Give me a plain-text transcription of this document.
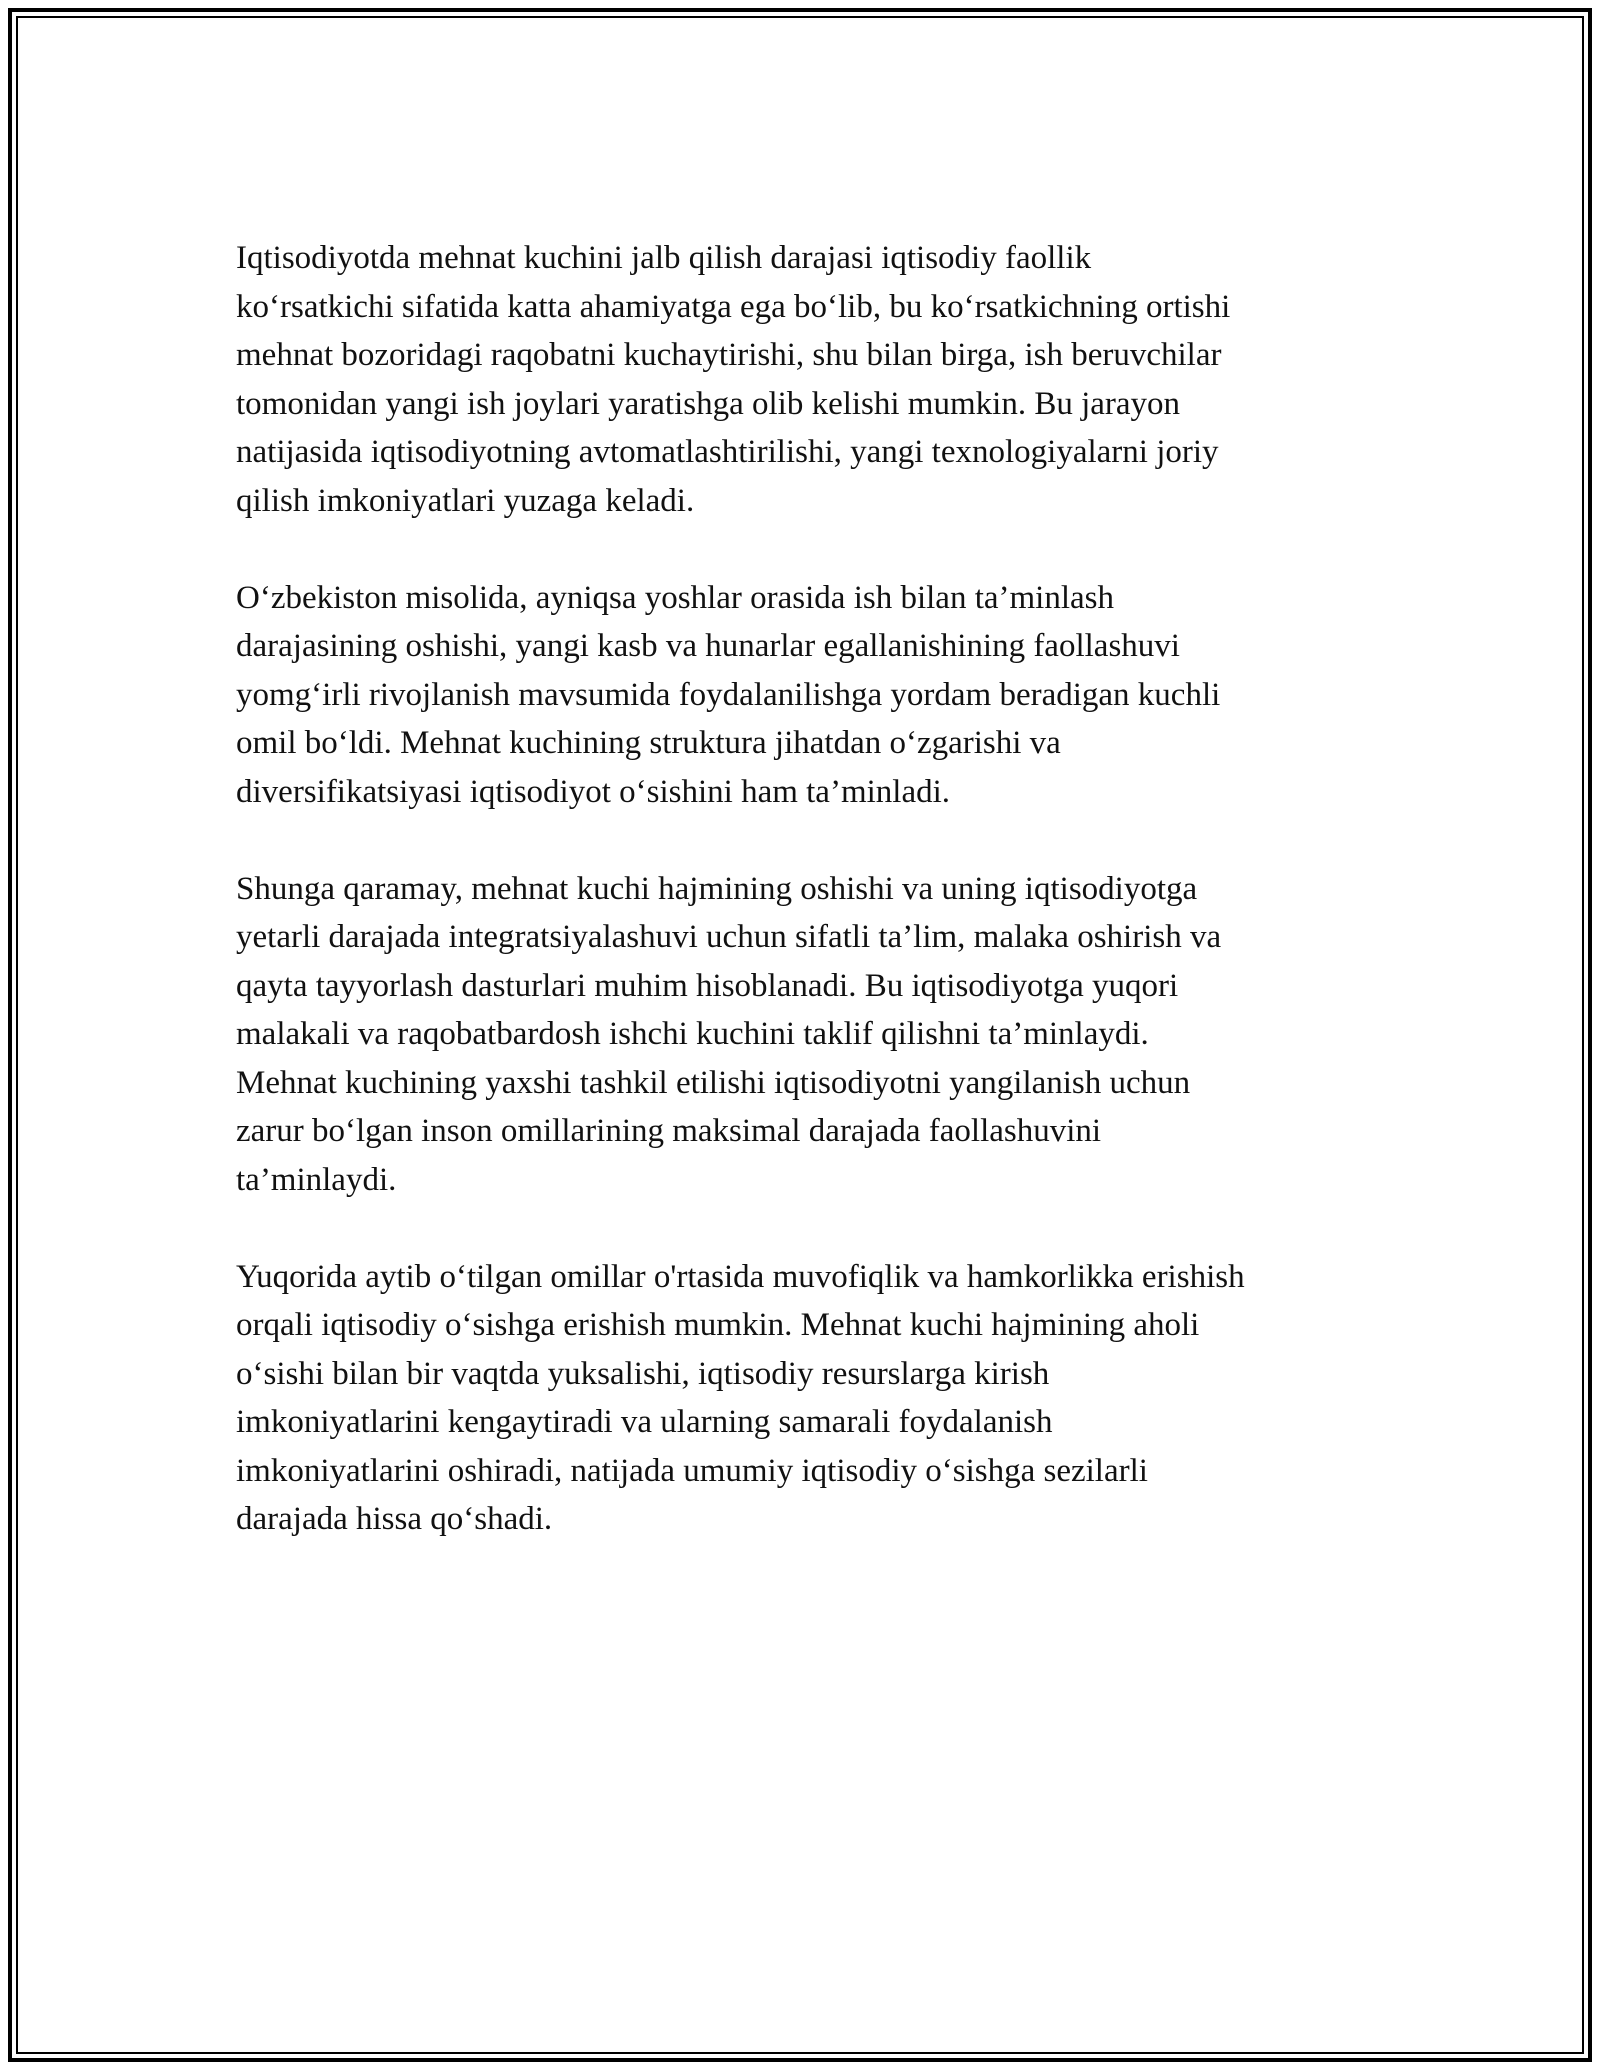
Iqtisodiyotda mehnat kuchini jalb qilish darajasi iqtisodiy faollik
koʻrsatkichi sifatida katta ahamiyatga ega boʻlib, bu koʻrsatkichning ortishi
mehnat bozoridagi raqobatni kuchaytirishi, shu bilan birga, ish beruvchilar
tomonidan yangi ish joylari yaratishga olib kelishi mumkin. Bu jarayon
natijasida iqtisodiyotning avtomatlashtirilishi, yangi texnologiyalarni joriy
qilish imkoniyatlari yuzaga keladi.

Oʻzbekiston misolida, ayniqsa yoshlar orasida ish bilan ta’minlash
darajasining oshishi, yangi kasb va hunarlar egallanishining faollashuvi
yomgʻirli rivojlanish mavsumida foydalanilishga yordam beradigan kuchli
omil boʻldi. Mehnat kuchining struktura jihatdan oʻzgarishi va
diversifikatsiyasi iqtisodiyot oʻsishini ham ta’minladi.

Shunga qaramay, mehnat kuchi hajmining oshishi va uning iqtisodiyotga
yetarli darajada integratsiyalashuvi uchun sifatli ta’lim, malaka oshirish va
qayta tayyorlash dasturlari muhim hisoblanadi. Bu iqtisodiyotga yuqori
malakali va raqobatbardosh ishchi kuchini taklif qilishni ta’minlaydi.
Mehnat kuchining yaxshi tashkil etilishi iqtisodiyotni yangilanish uchun
zarur boʻlgan inson omillarining maksimal darajada faollashuvini
ta’minlaydi.

Yuqorida aytib oʻtilgan omillar o'rtasida muvofiqlik va hamkorlikka erishish
orqali iqtisodiy oʻsishga erishish mumkin. Mehnat kuchi hajmining aholi
oʻsishi bilan bir vaqtda yuksalishi, iqtisodiy resurslarga kirish
imkoniyatlarini kengaytiradi va ularning samarali foydalanish
imkoniyatlarini oshiradi, natijada umumiy iqtisodiy oʻsishga sezilarli
darajada hissa qoʻshadi.
